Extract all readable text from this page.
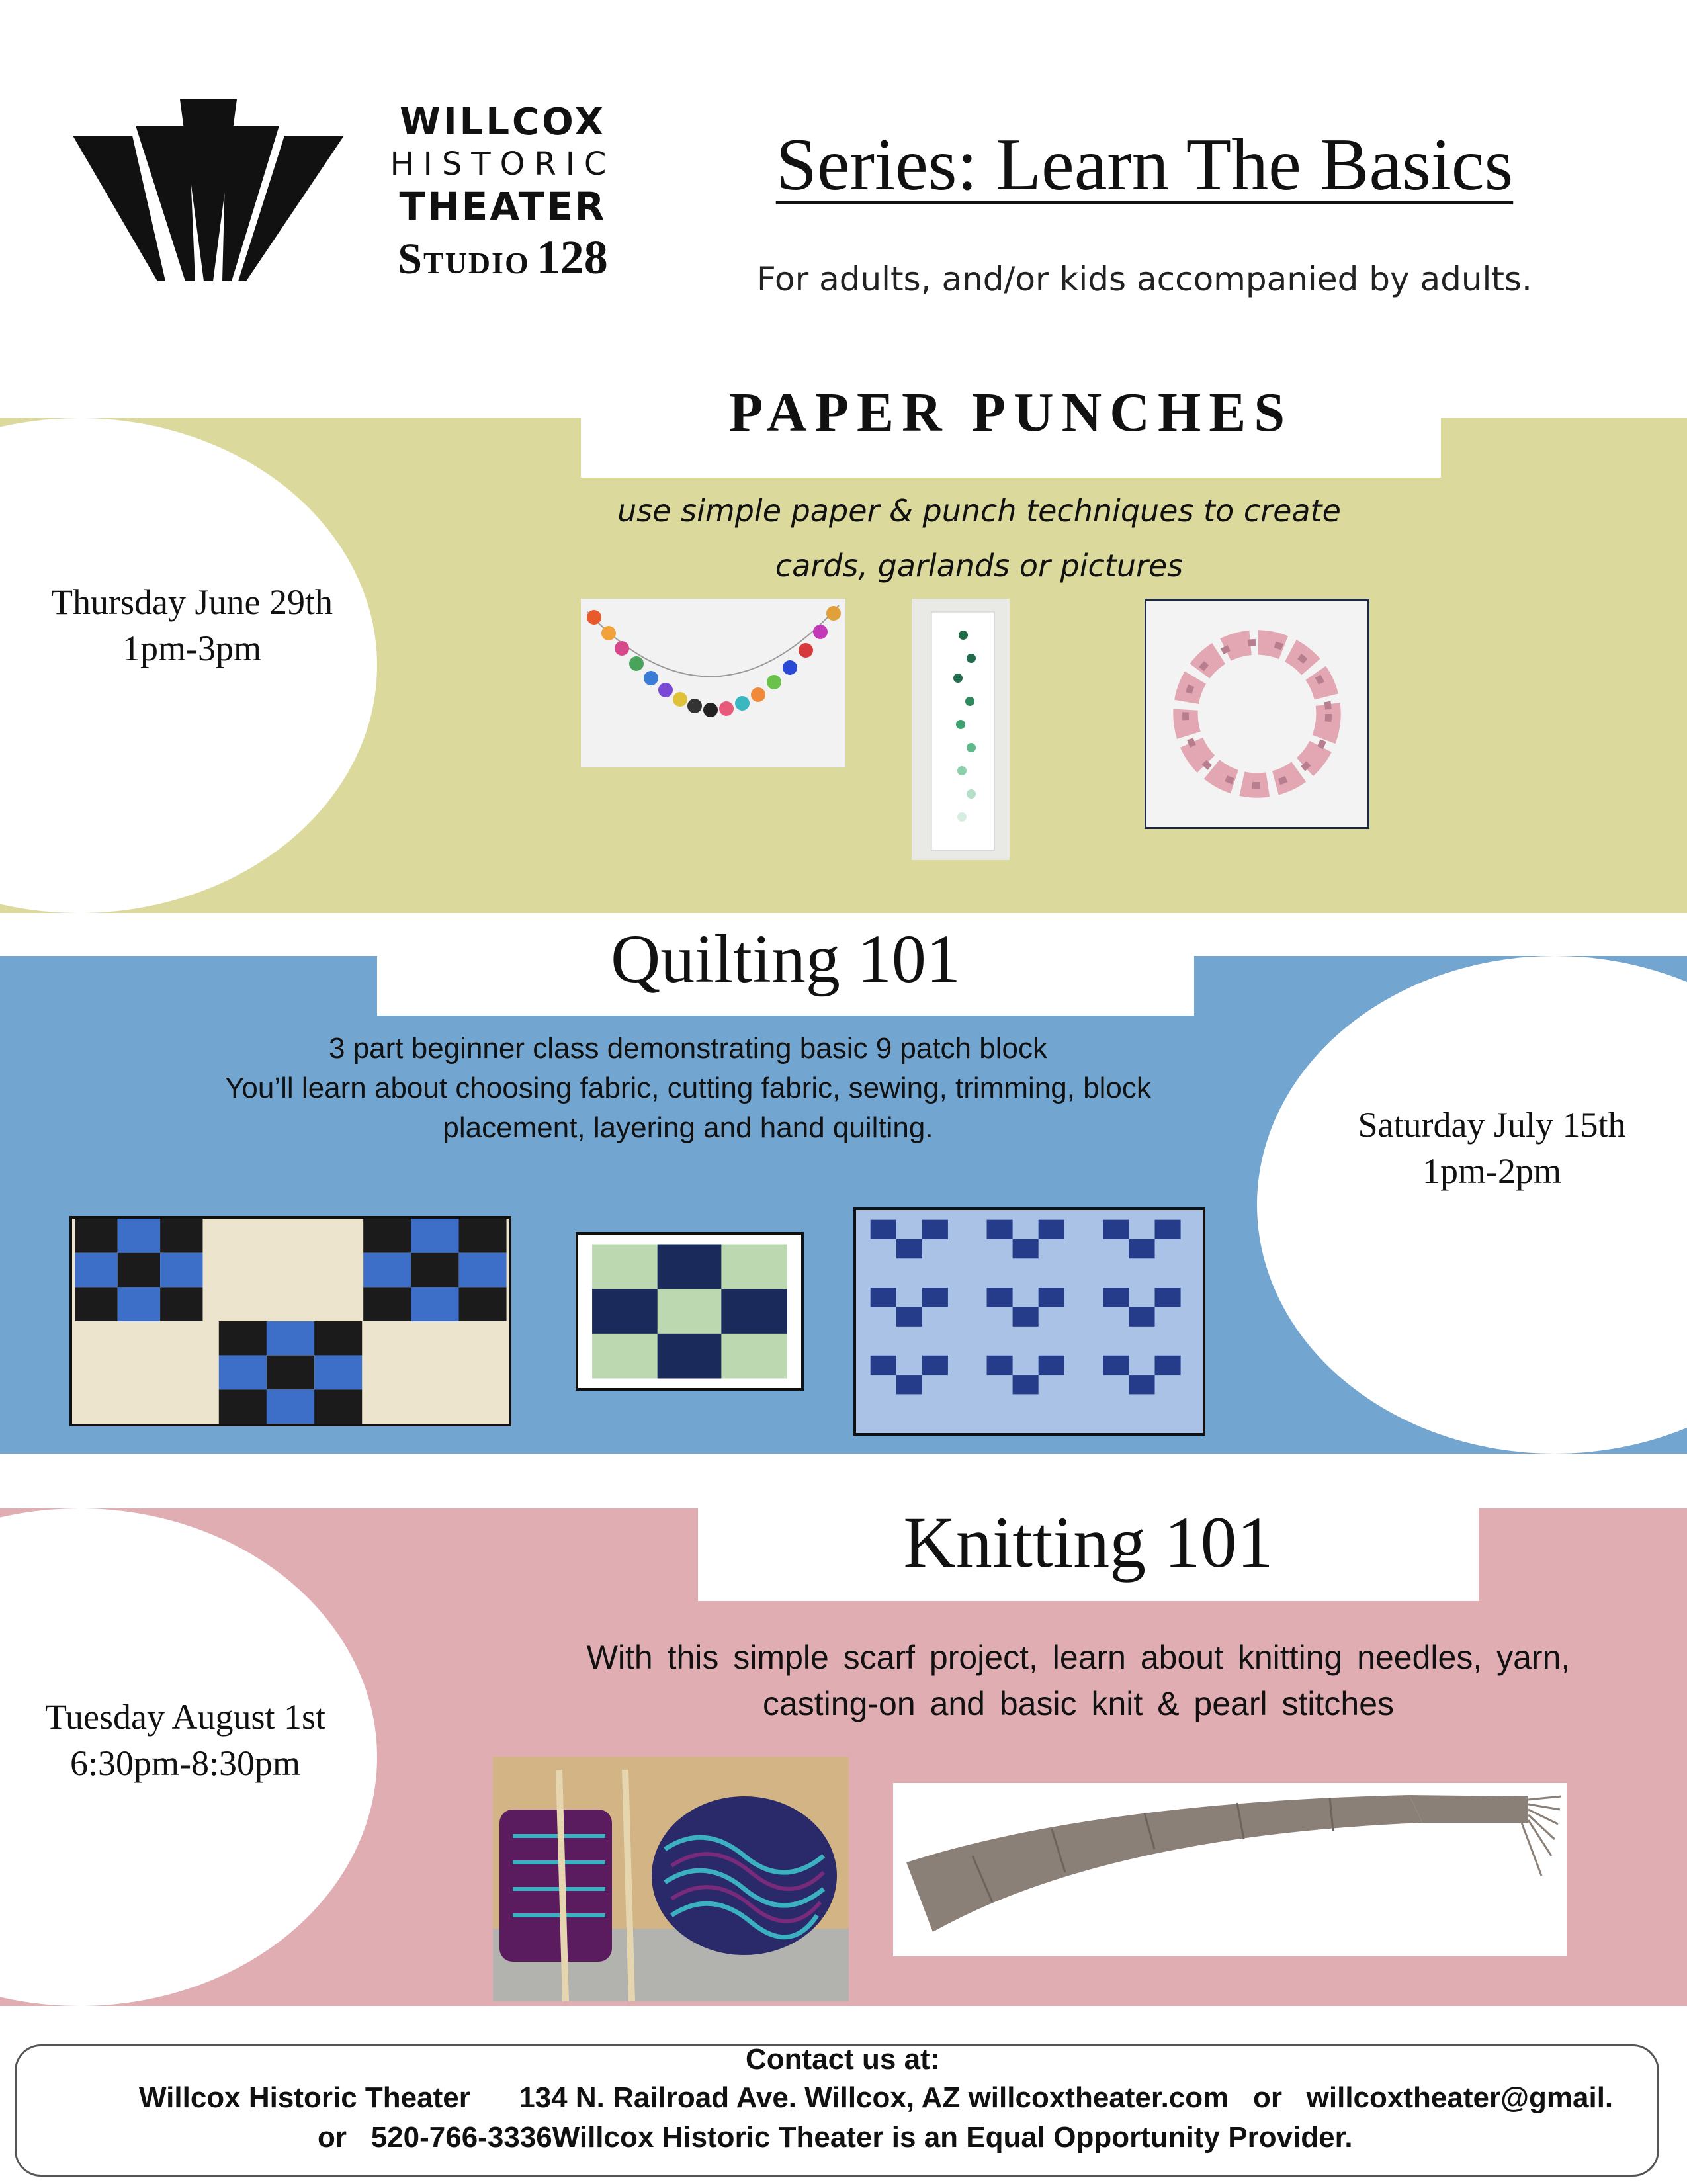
WILLCOX
HISTORIC
THEATER
Studio 128
Series: Learn The Basics
For adults, and/or kids accompanied by adults.
PAPER PUNCHES
use simple paper & punch techniques to create
cards, garlands or pictures
Thursday June 29th
1pm-3pm
Quilting 101
3 part beginner class demonstrating basic 9 patch block
You’ll learn about choosing fabric, cutting fabric, sewing, trimming, block
placement, layering and hand quilting.	Saturday July 15th
1pm-2pm
Knitting 101
With this simple scarf project, learn about knitting needles, yarn,
casting-on and basic knit & pearl stitches
Tuesday August 1st
6:30pm-8:30pm
Contact us at:
Willcox Historic Theater 134 N. Railroad Ave. Willcox, AZ willcoxtheater.com or willcoxtheater@gmail.
or 520-766-3336Willcox Historic Theater is an Equal Opportunity Provider.
